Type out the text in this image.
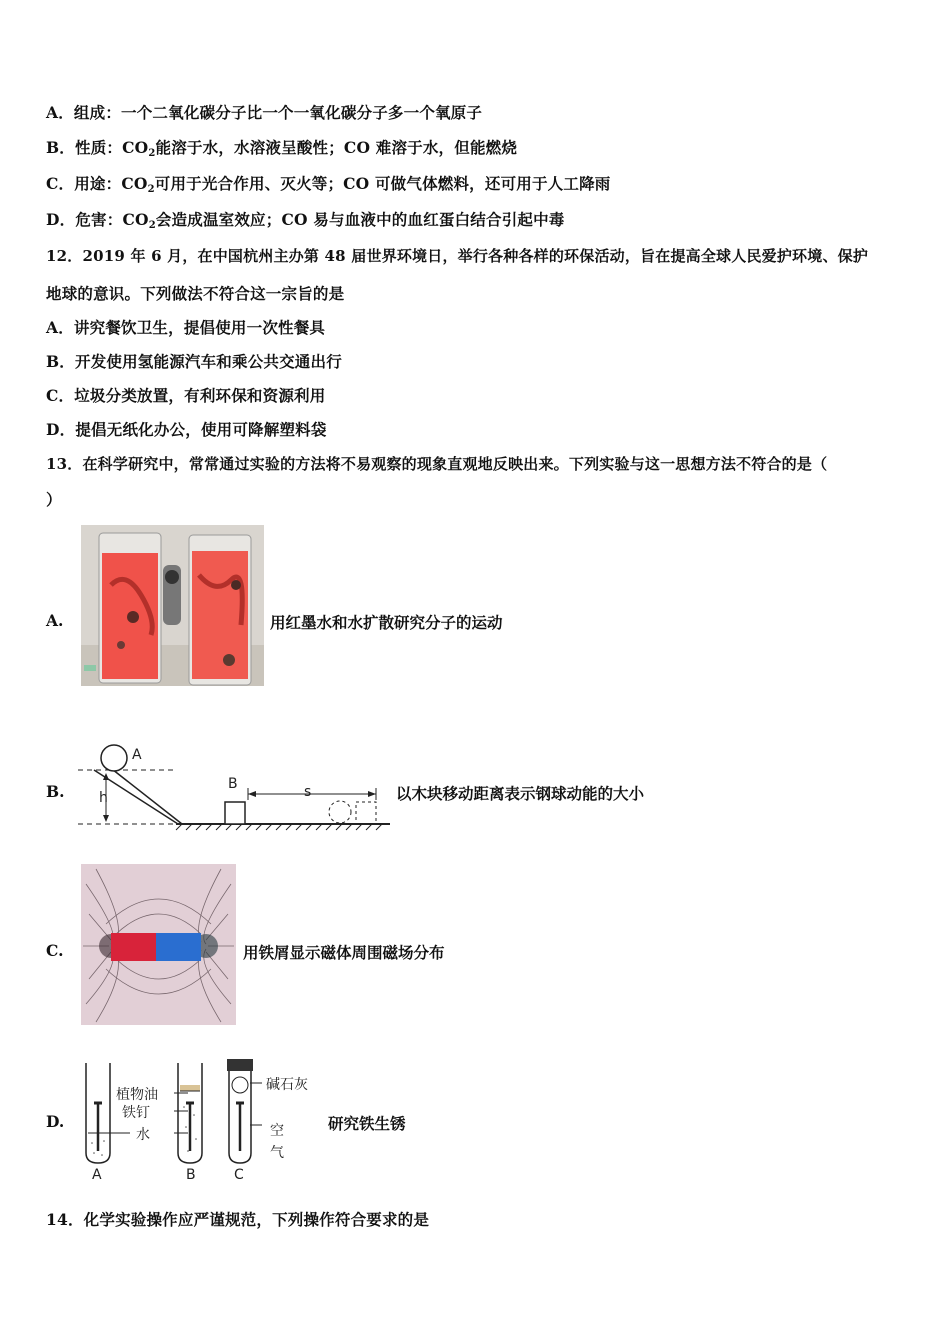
A．组成：一个二氧化碳分子比一个一氧化碳分子多一个氧原子
B．性质：$CO_2$能溶于水，水溶液呈酸性；CO 难溶于水，但能燃烧
C．用途：$CO_2$可用于光合作用、灭火等；CO 可做气体燃料，还可用于人工降雨
D．危害：$CO_2$会造成温室效应；CO 易与血液中的血红蛋白结合引起中毒
12．2019 年 6 月，在中国杭州主办第 48 届世界环境日，举行各种各样的环保活动，旨在提高全球人民爱护环境、保护
地球的意识。下列做法不符合这一宗旨的是
A．讲究餐饮卫生，提倡使用一次性餐具
B．开发使用氢能源汽车和乘公共交通出行
C．垃圾分类放置，有利环保和资源利用
D．提倡无纸化办公，使用可降解塑料袋
13．在科学研究中，常常通过实验的方法将不易观察的现象直观地反映出来。下列实验与这一思想方法不符合的是（
）
A.	用红墨水和水扩散研究分子的运动
B.
A
h
B	s	以木块移动距离表示钢球动能的大小
C.	用铁屑显示磁体周围磁场分布
D.
A	B	C
植物油
铁钉
水
碱石灰
空
气
研究铁生锈
14．化学实验操作应严谨规范，下列操作符合要求的是
